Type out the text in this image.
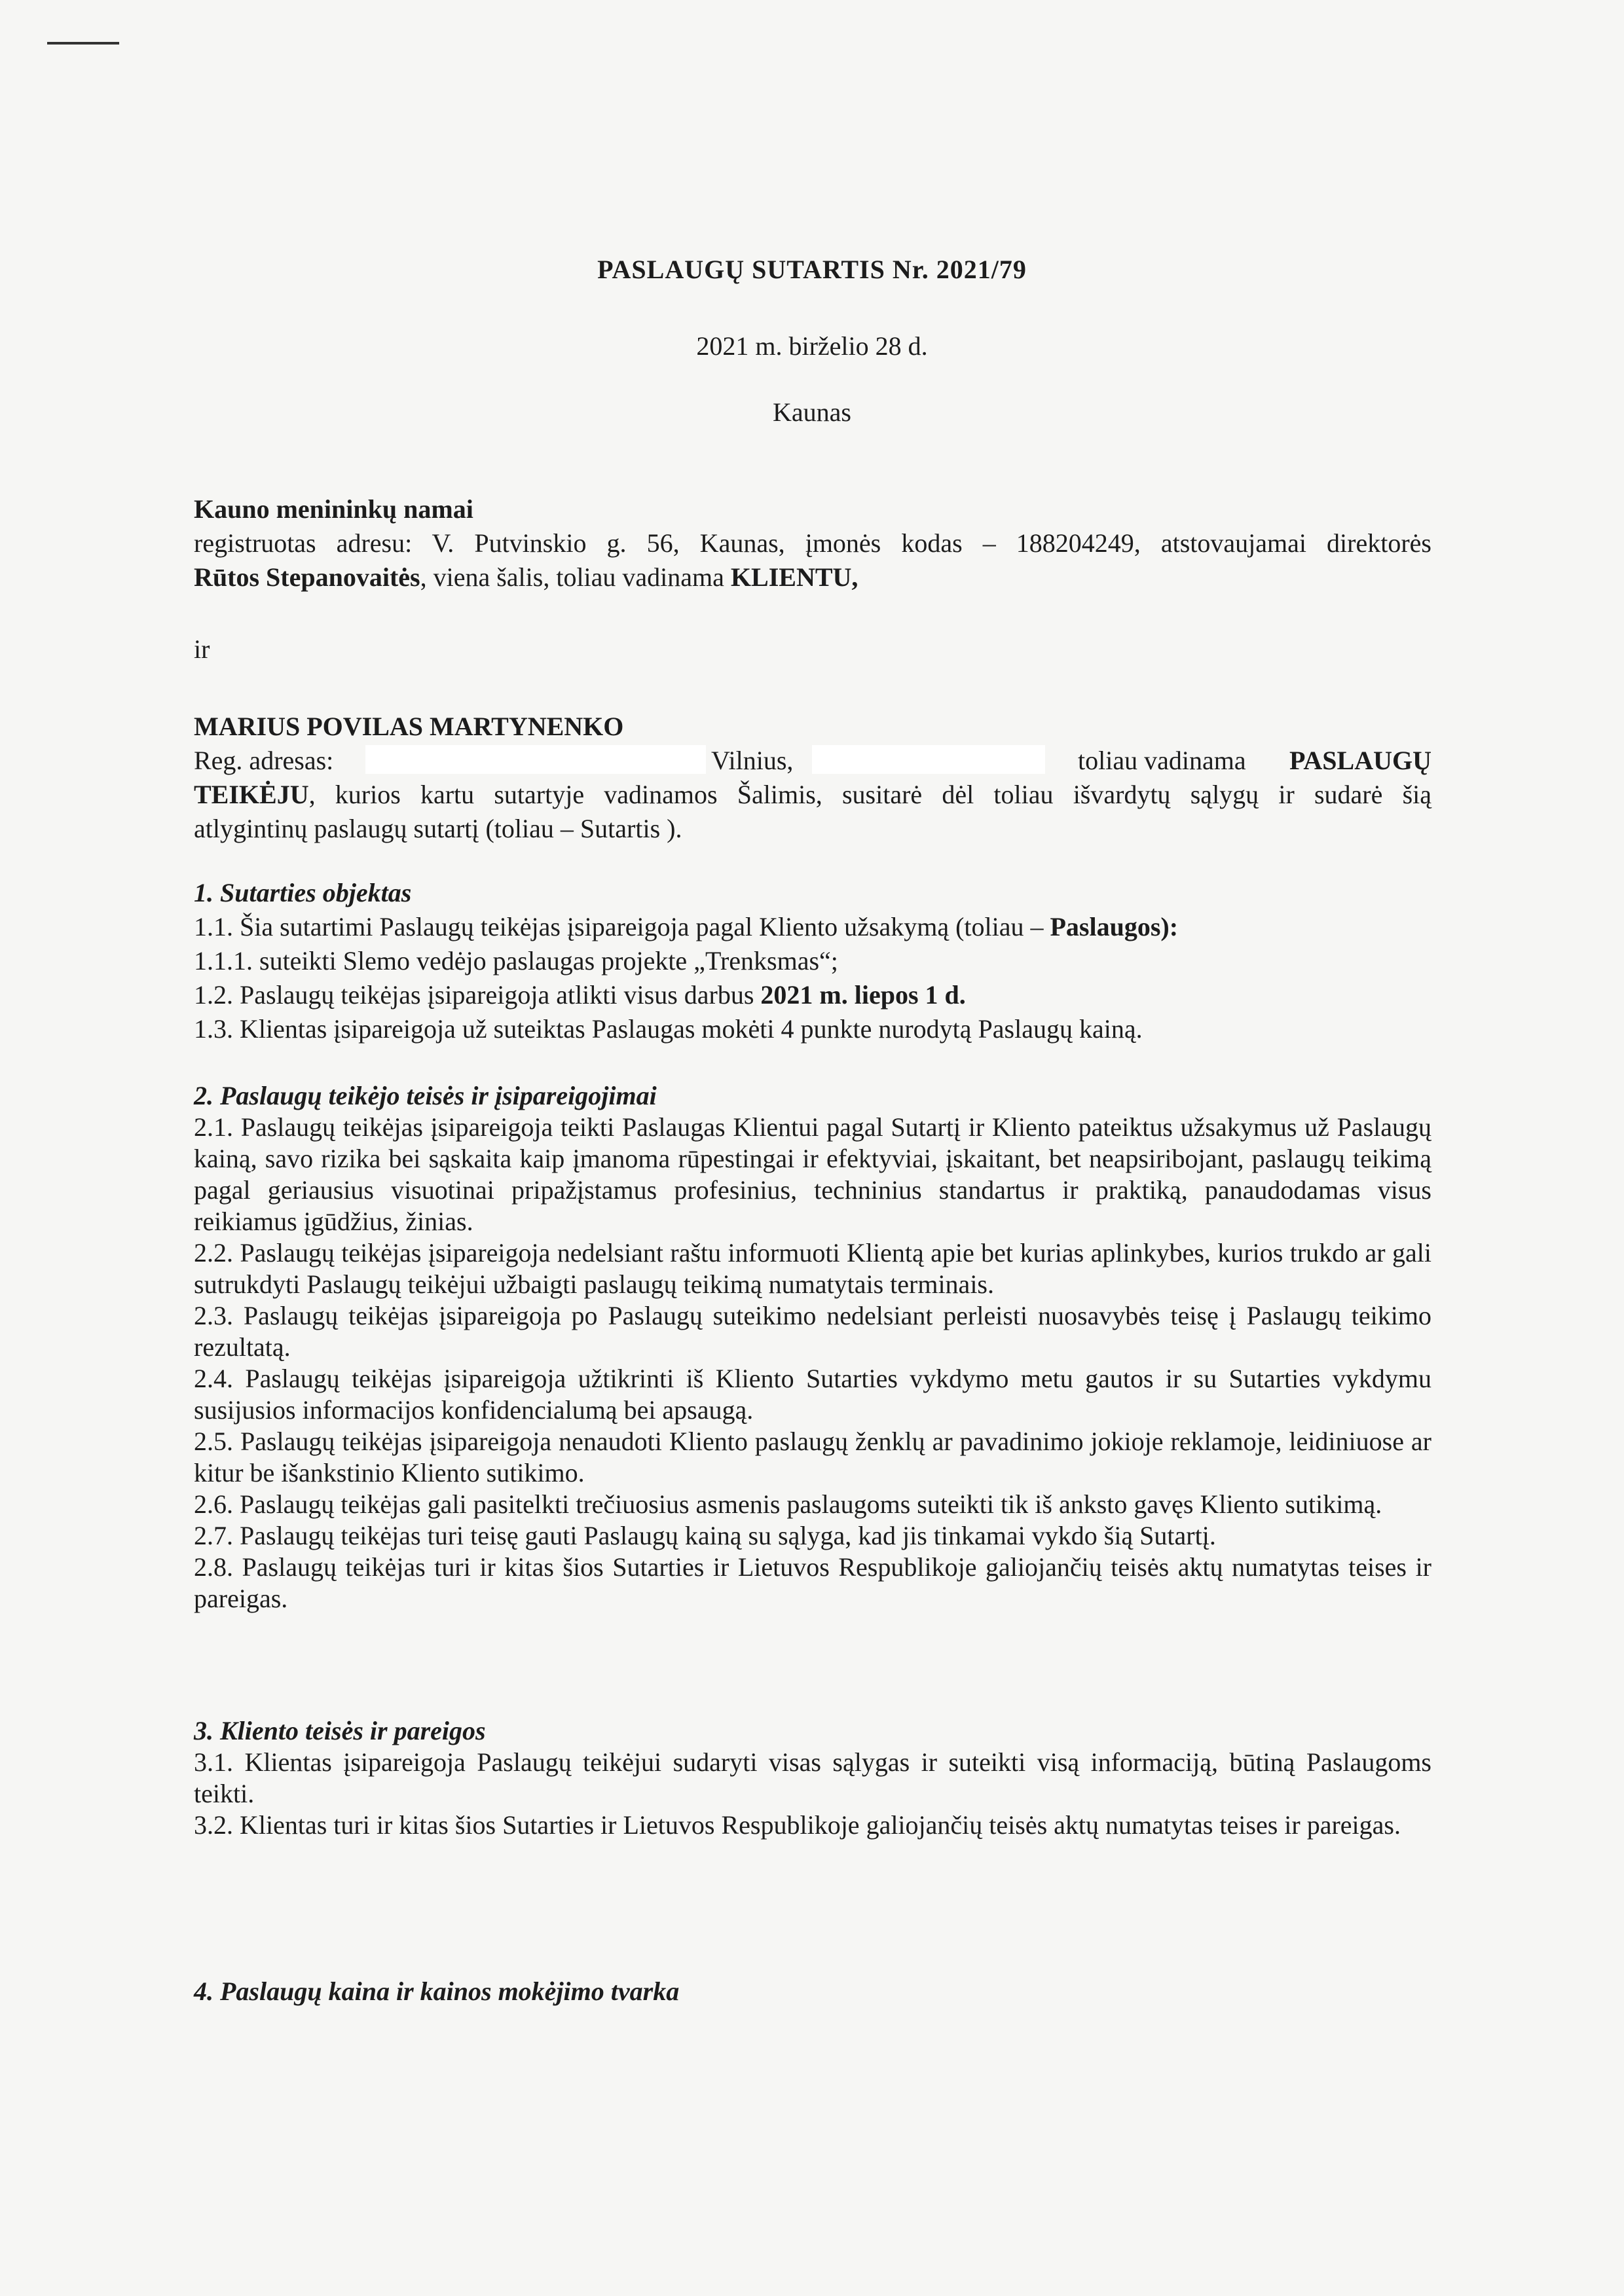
PASLAUGŲ SUTARTIS Nr. 2021/79
2021 m. birželio 28 d.
Kaunas
Kauno menininkų namai
registruotas adresu: V. Putvinskio g. 56, Kaunas, įmonės kodas – 188204249, atstovaujamai direktorės
Rūtos Stepanovaitės, viena šalis, toliau vadinama KLIENTU,
ir
MARIUS POVILAS MARTYNENKO
Reg. adresas:	Vilnius,	toliau vadinama PASLAUGŲ
TEIKĖJU, kurios kartu sutartyje vadinamos Šalimis, susitarė dėl toliau išvardytų sąlygų ir sudarė šią
atlygintinų paslaugų sutartį (toliau – Sutartis ).
1. Sutarties objektas
1.1. Šia sutartimi Paslaugų teikėjas įsipareigoja pagal Kliento užsakymą (toliau – Paslaugos):
1.1.1. suteikti Slemo vedėjo paslaugas projekte „Trenksmas“;
1.2. Paslaugų teikėjas įsipareigoja atlikti visus darbus 2021 m. liepos 1 d.
1.3. Klientas įsipareigoja už suteiktas Paslaugas mokėti 4 punkte nurodytą Paslaugų kainą.
2. Paslaugų teikėjo teisės ir įsipareigojimai
2.1. Paslaugų teikėjas įsipareigoja teikti Paslaugas Klientui pagal Sutartį ir Kliento pateiktus užsakymus už Paslaugų kainą, savo rizika bei sąskaita kaip įmanoma rūpestingai ir efektyviai, įskaitant, bet neapsiribojant, paslaugų teikimą pagal geriausius visuotinai pripažįstamus profesinius, techninius standartus ir praktiką, panaudodamas visus reikiamus įgūdžius, žinias.
2.2. Paslaugų teikėjas įsipareigoja nedelsiant raštu informuoti Klientą apie bet kurias aplinkybes, kurios trukdo ar gali sutrukdyti Paslaugų teikėjui užbaigti paslaugų teikimą numatytais terminais.
2.3. Paslaugų teikėjas įsipareigoja po Paslaugų suteikimo nedelsiant perleisti nuosavybės teisę į Paslaugų teikimo rezultatą.
2.4. Paslaugų teikėjas įsipareigoja užtikrinti iš Kliento Sutarties vykdymo metu gautos ir su Sutarties vykdymu susijusios informacijos konfidencialumą bei apsaugą.
2.5. Paslaugų teikėjas įsipareigoja nenaudoti Kliento paslaugų ženklų ar pavadinimo jokioje reklamoje, leidiniuose ar kitur be išankstinio Kliento sutikimo.
2.6. Paslaugų teikėjas gali pasitelkti trečiuosius asmenis paslaugoms suteikti tik iš anksto gavęs Kliento sutikimą.
2.7. Paslaugų teikėjas turi teisę gauti Paslaugų kainą su sąlyga, kad jis tinkamai vykdo šią Sutartį.
2.8. Paslaugų teikėjas turi ir kitas šios Sutarties ir Lietuvos Respublikoje galiojančių teisės aktų numatytas teises ir pareigas.
3. Kliento teisės ir pareigos
3.1. Klientas įsipareigoja Paslaugų teikėjui sudaryti visas sąlygas ir suteikti visą informaciją, būtiną Paslaugoms teikti.
3.2. Klientas turi ir kitas šios Sutarties ir Lietuvos Respublikoje galiojančių teisės aktų numatytas teises ir pareigas.
4. Paslaugų kaina ir kainos mokėjimo tvarka
